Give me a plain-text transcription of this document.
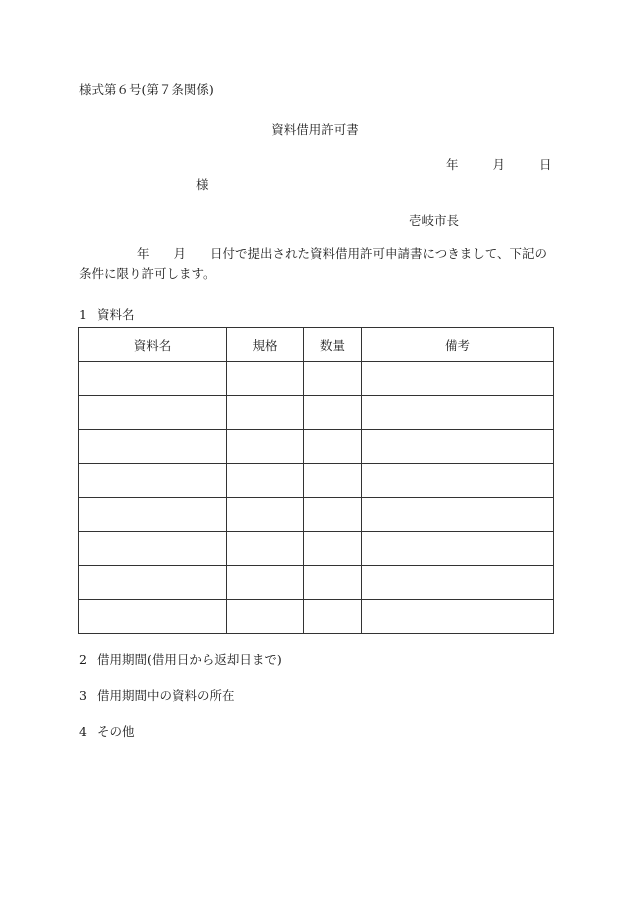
様式第６号(第７条関係)
資料借用許可書
年	月	日
様
壱岐市長
年 月 日付で提出された資料借用許可申請書につきまして、下記の条件に限り許可します。
1 資料名
資料名	規格	数量	備考

2 借用期間(借用日から返却日まで)
3 借用期間中の資料の所在
4 その他
